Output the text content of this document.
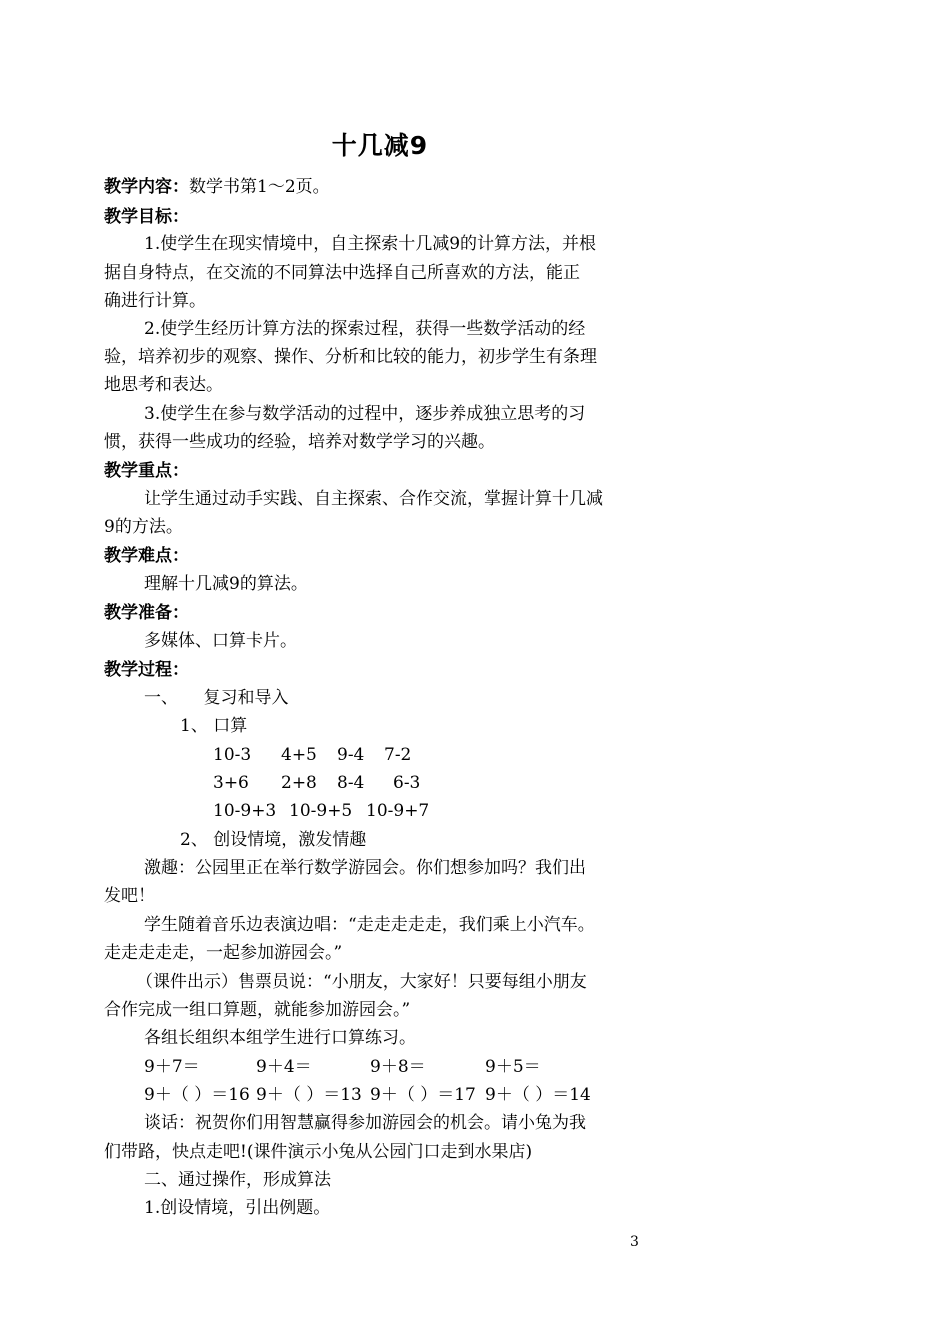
十几减9
教学内容：数学书第1～2页。
教学目标：
1.使学生在现实情境中，自主探索十几减9的计算方法，并根
据自身特点，在交流的不同算法中选择自己所喜欢的方法，能正
确进行计算。
2.使学生经历计算方法的探索过程，获得一些数学活动的经
验，培养初步的观察、操作、分析和比较的能力，初步学生有条理
地思考和表达。
3.使学生在参与数学活动的过程中，逐步养成独立思考的习
惯，获得一些成功的经验，培养对数学学习的兴趣。
教学重点：
让学生通过动手实践、自主探索、合作交流，掌握计算十几减
9的方法。
教学难点：
理解十几减9的算法。
教学准备：
多媒体、口算卡片。
教学过程：
一、　　复习和导入
1、 口算
10-3 4+5 9-4 7-2
3+6 2+8 8-4 6-3
10-9+3 10-9+5 10-9+7
2、 创设情境，激发情趣
激趣：公园里正在举行数学游园会。你们想参加吗？我们出
发吧！
学生随着音乐边表演边唱：“走走走走走，我们乘上小汽车。
走走走走走，一起参加游园会。”
（课件出示）售票员说：“小朋友，大家好！只要每组小朋友
合作完成一组口算题，就能参加游园会。”
各组长组织本组学生进行口算练习。
9＋7＝	9＋4＝	9＋8＝	9＋5＝
9＋（ ）＝16 9＋（ ）＝13 9＋（ ）＝17 9＋（ ）＝14
谈话：祝贺你们用智慧赢得参加游园会的机会。请小兔为我
们带路，快点走吧!(课件演示小兔从公园门口走到水果店)
二、通过操作，形成算法
1.创设情境，引出例题。
3
